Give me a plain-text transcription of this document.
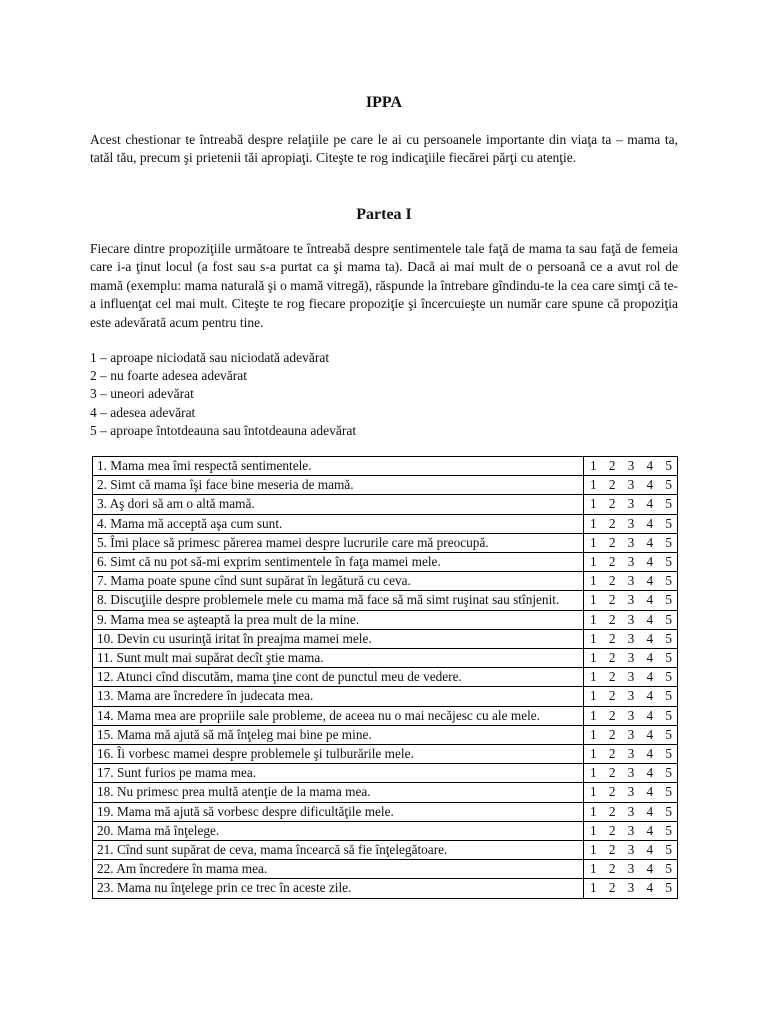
IPPA

Acest chestionar te întreabă despre relaţiile pe care le ai cu persoanele importante din viaţa ta – mama ta, tatăl tău, precum şi prietenii tăi apropiaţi. Citeşte te rog indicaţiile fiecărei părţi cu atenţie.

Partea I

Fiecare dintre propoziţiile următoare te întreabă despre sentimentele tale faţă de mama ta sau faţă de femeia care i-a ţinut locul (a fost sau s-a purtat ca şi mama ta). Dacă ai mai mult de o persoană ce a avut rol de mamă (exemplu: mama naturală şi o mamă vitregă), răspunde la întrebare gîndindu-te la cea care simţi că te-a influenţat cel mai mult. Citeşte te rog fiecare propoziţie şi încercuieşte un număr care spune că propoziţia este adevărată acum pentru tine.

1 – aproape niciodată sau niciodată adevărat
2 – nu foarte adesea adevărat
3 – uneori adevărat
4 – adesea adevărat
5 – aproape întotdeauna sau întotdeauna adevărat
1. Mama mea îmi respectă sentimentele.	1 2 3 4 5

2. Simt că mama îşi face bine meseria de mamă.	1 2 3 4 5

3. Aş dori să am o altă mamă.	1 2 3 4 5

4. Mama mă acceptă aşa cum sunt.	1 2 3 4 5

5. Îmi place să primesc părerea mamei despre lucrurile care mă preocupă.	1 2 3 4 5

6. Simt că nu pot să-mi exprim sentimentele în faţa mamei mele.	1 2 3 4 5

7. Mama poate spune cînd sunt supărat în legătură cu ceva.	1 2 3 4 5

8. Discuţiile despre problemele mele cu mama mă face să mă simt ruşinat sau stînjenit.	1 2 3 4 5

9. Mama mea se aşteaptă la prea mult de la mine.	1 2 3 4 5

10. Devin cu usurinţă iritat în preajma mamei mele.	1 2 3 4 5

11. Sunt mult mai supărat decît ştie mama.	1 2 3 4 5

12. Atunci cînd discutăm, mama ţine cont de punctul meu de vedere.	1 2 3 4 5

13. Mama are încredere în judecata mea.	1 2 3 4 5

14. Mama mea are propriile sale probleme, de aceea nu o mai necăjesc cu ale mele.	1 2 3 4 5

15. Mama mă ajută să mă înţeleg mai bine pe mine.	1 2 3 4 5

16. Îi vorbesc mamei despre problemele şi tulburările mele.	1 2 3 4 5

17. Sunt furios pe mama mea.	1 2 3 4 5

18. Nu primesc prea multă atenţie de la mama mea.	1 2 3 4 5

19. Mama mă ajută să vorbesc despre dificultăţile mele.	1 2 3 4 5

20. Mama mă înţelege.	1 2 3 4 5

21. Cînd sunt supărat de ceva, mama încearcă să fie înţelegătoare.	1 2 3 4 5

22. Am încredere în mama mea.	1 2 3 4 5

23. Mama nu înţelege prin ce trec în aceste zile.	1 2 3 4 5
